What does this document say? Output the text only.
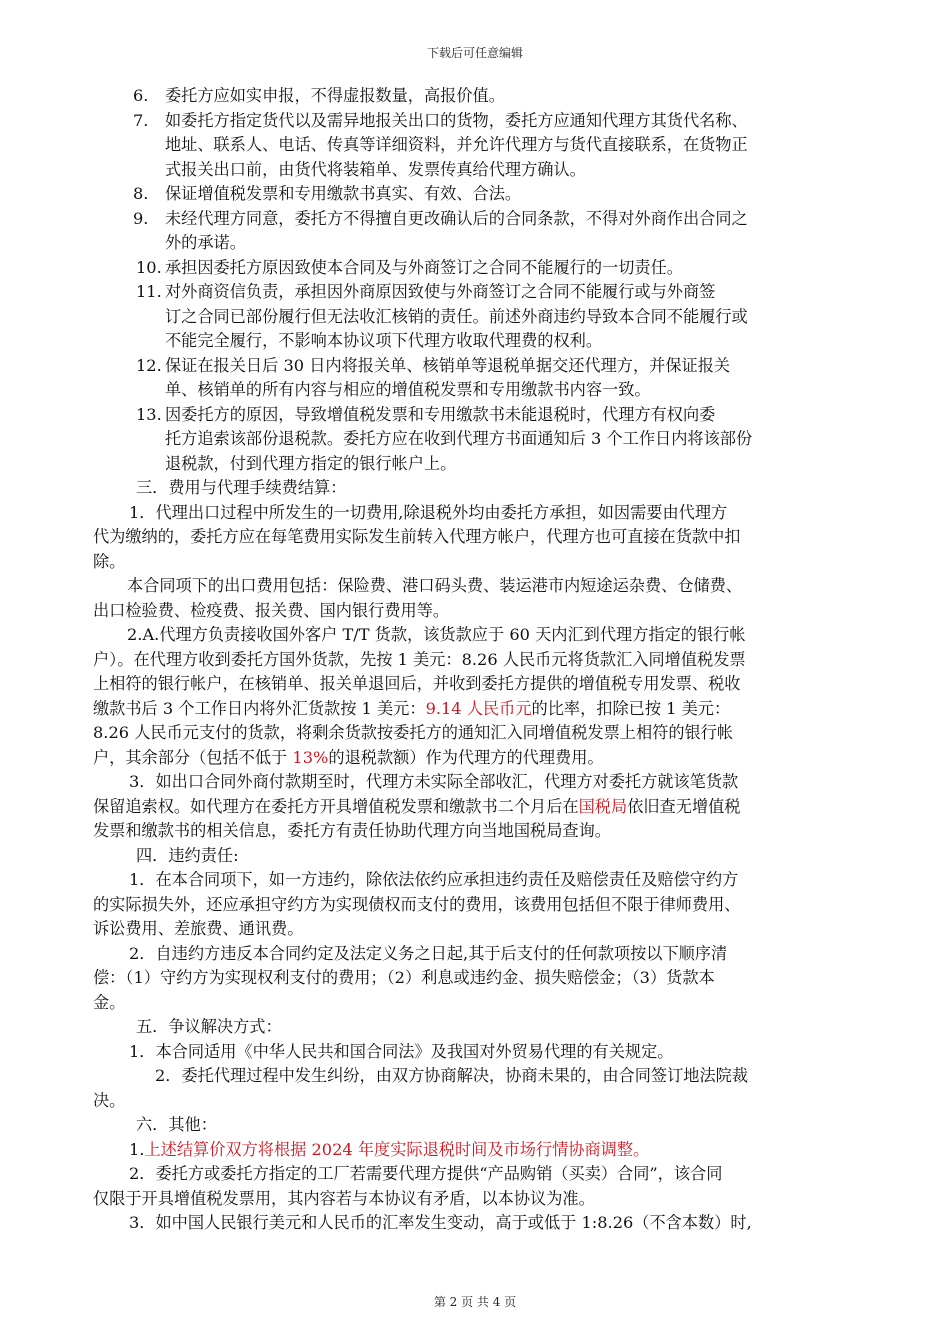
下载后可任意编辑
6. 委托方应如实申报，不得虚报数量，高报价值。
7. 如委托方指定货代以及需异地报关出口的货物，委托方应通知代理方其货代名称、
地址、联系人、电话、传真等详细资料，并允许代理方与货代直接联系，在货物正
式报关出口前，由货代将装箱单、发票传真给代理方确认。
8. 保证增值税发票和专用缴款书真实、有效、合法。
9. 未经代理方同意，委托方不得擅自更改确认后的合同条款，不得对外商作出合同之
外的承诺。
10. 承担因委托方原因致使本合同及与外商签订之合同不能履行的一切责任。
11. 对外商资信负责，承担因外商原因致使与外商签订之合同不能履行或与外商签
订之合同已部份履行但无法收汇核销的责任。前述外商违约导致本合同不能履行或
不能完全履行，不影响本协议项下代理方收取代理费的权利。
12. 保证在报关日后 30 日内将报关单、核销单等退税单据交还代理方，并保证报关
单、核销单的所有内容与相应的增值税发票和专用缴款书内容一致。
13. 因委托方的原因，导致增值税发票和专用缴款书未能退税时，代理方有权向委
托方追索该部份退税款。委托方应在收到代理方书面通知后 3 个工作日内将该部份
退税款，付到代理方指定的银行帐户上。
三．费用与代理手续费结算：
1．代理出口过程中所发生的一切费用,除退税外均由委托方承担，如因需要由代理方
代为缴纳的，委托方应在每笔费用实际发生前转入代理方帐户，代理方也可直接在货款中扣
除。
本合同项下的出口费用包括：保险费、港口码头费、装运港市内短途运杂费、仓储费、
出口检验费、检疫费、报关费、国内银行费用等。
2.A.代理方负责接收国外客户 T/T 货款，该货款应于 60 天内汇到代理方指定的银行帐
户）。在代理方收到委托方国外货款，先按 1 美元：8.26 人民币元将货款汇入同增值税发票
上相符的银行帐户，在核销单、报关单退回后，并收到委托方提供的增值税专用发票、税收
缴款书后 3 个工作日内将外汇货款按 1 美元：9.14 人民币元的比率，扣除已按 1 美元：
8.26 人民币元支付的货款，将剩余货款按委托方的通知汇入同增值税发票上相符的银行帐
户，其余部分（包括不低于 13%的退税款额）作为代理方的代理费用。
3．如出口合同外商付款期至时，代理方未实际全部收汇，代理方对委托方就该笔货款
保留追索权。如代理方在委托方开具增值税发票和缴款书二个月后在国税局依旧查无增值税
发票和缴款书的相关信息，委托方有责任协助代理方向当地国税局查询。
四．违约责任:
1．在本合同项下，如一方违约，除依法依约应承担违约责任及赔偿责任及赔偿守约方
的实际损失外，还应承担守约方为实现债权而支付的费用，该费用包括但不限于律师费用、
诉讼费用、差旅费、通讯费。
2．自违约方违反本合同约定及法定义务之日起,其于后支付的任何款项按以下顺序清
偿：（1）守约方为实现权利支付的费用；（2）利息或违约金、损失赔偿金；（3）货款本
金。
五．争议解决方式：
1．本合同适用《中华人民共和国合同法》及我国对外贸易代理的有关规定。
2．委托代理过程中发生纠纷，由双方协商解决，协商未果的，由合同签订地法院裁
决。
六．其他：
1.上述结算价双方将根据 2024 年度实际退税时间及市场行情协商调整。
2．委托方或委托方指定的工厂若需要代理方提供“产品购销（买卖）合同”，该合同
仅限于开具增值税发票用，其内容若与本协议有矛盾，以本协议为准。
3．如中国人民银行美元和人民币的汇率发生变动，高于或低于 1:8.26（不含本数）时,
第 2 页 共 4 页
